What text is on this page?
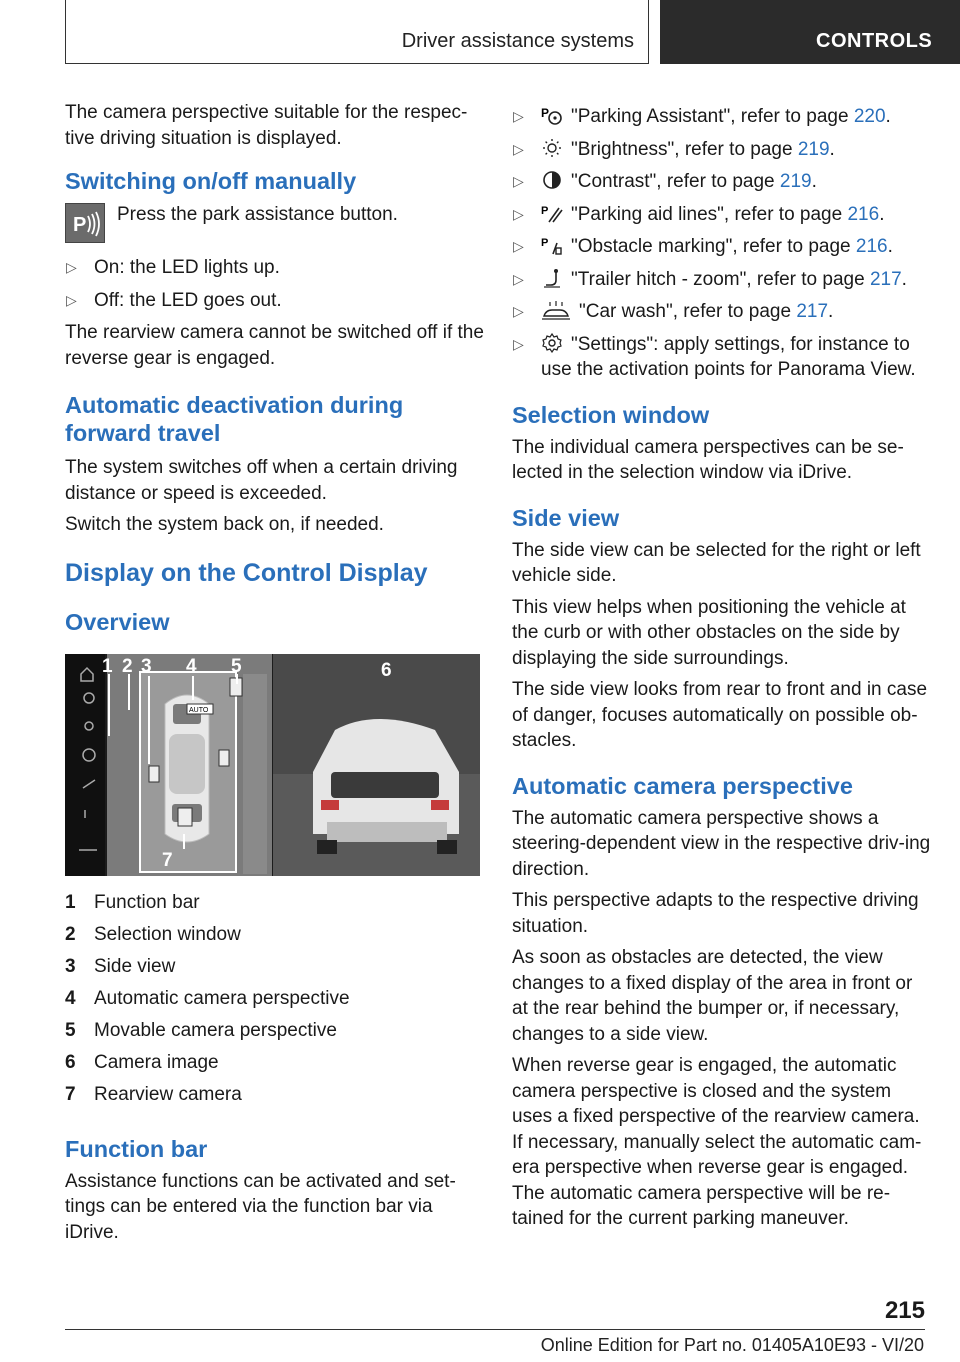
Driver assistance systems	CONTROLS

The camera perspective suitable for the respec-tive driving situation is displayed.

Switching on/off manually
P Press the park assistance button.

▷ On: the LED lights up.
▷ Off: the LED goes out.

The rearview camera cannot be switched off if the reverse gear is engaged.

Automatic deactivation during forward travel

The system switches off when a certain driving distance or speed is exceeded.

Switch the system back on, if needed.

Display on the Control Display
Overview
AUTO
1 2 3 4 5	6
7
1 Function bar
2 Selection window
3 Side view
4 Automatic camera perspective
5 Movable camera perspective
6 Camera image
7 Rearview camera
Function bar

Assistance functions can be activated and set-tings can be entered via the function bar via iDrive.

▷ P "Parking Assistant", refer to page 220.
▷ "Brightness", refer to page 219.
▷ "Contrast", refer to page 219.
▷ P "Parking aid lines", refer to page 216.
▷ P "Obstacle marking", refer to page 216.
▷ "Trailer hitch - zoom", refer to page 217.
▷	"Car wash", refer to page 217.
▷ "Settings": apply settings, for instance to use the activation points for Panorama View.
Selection window

The individual camera perspectives can be se-lected in the selection window via iDrive.

Side view

The side view can be selected for the right or left vehicle side.

This view helps when positioning the vehicle at the curb or with other obstacles on the side by displaying the side surroundings.

The side view looks from rear to front and in case of danger, focuses automatically on possible ob-stacles.

Automatic camera perspective

The automatic camera perspective shows a steering-dependent view in the respective driv-ing direction.

This perspective adapts to the respective driving situation.

As soon as obstacles are detected, the view changes to a fixed display of the area in front or at the rear behind the bumper or, if necessary, changes to a side view.

When reverse gear is engaged, the automatic camera perspective is closed and the system uses a fixed perspective of the rearview camera. If necessary, manually select the automatic cam-era perspective when reverse gear is engaged. The automatic camera perspective will be re-tained for the current parking maneuver.

215
Online Edition for Part no. 01405A10E93 - VI/20
